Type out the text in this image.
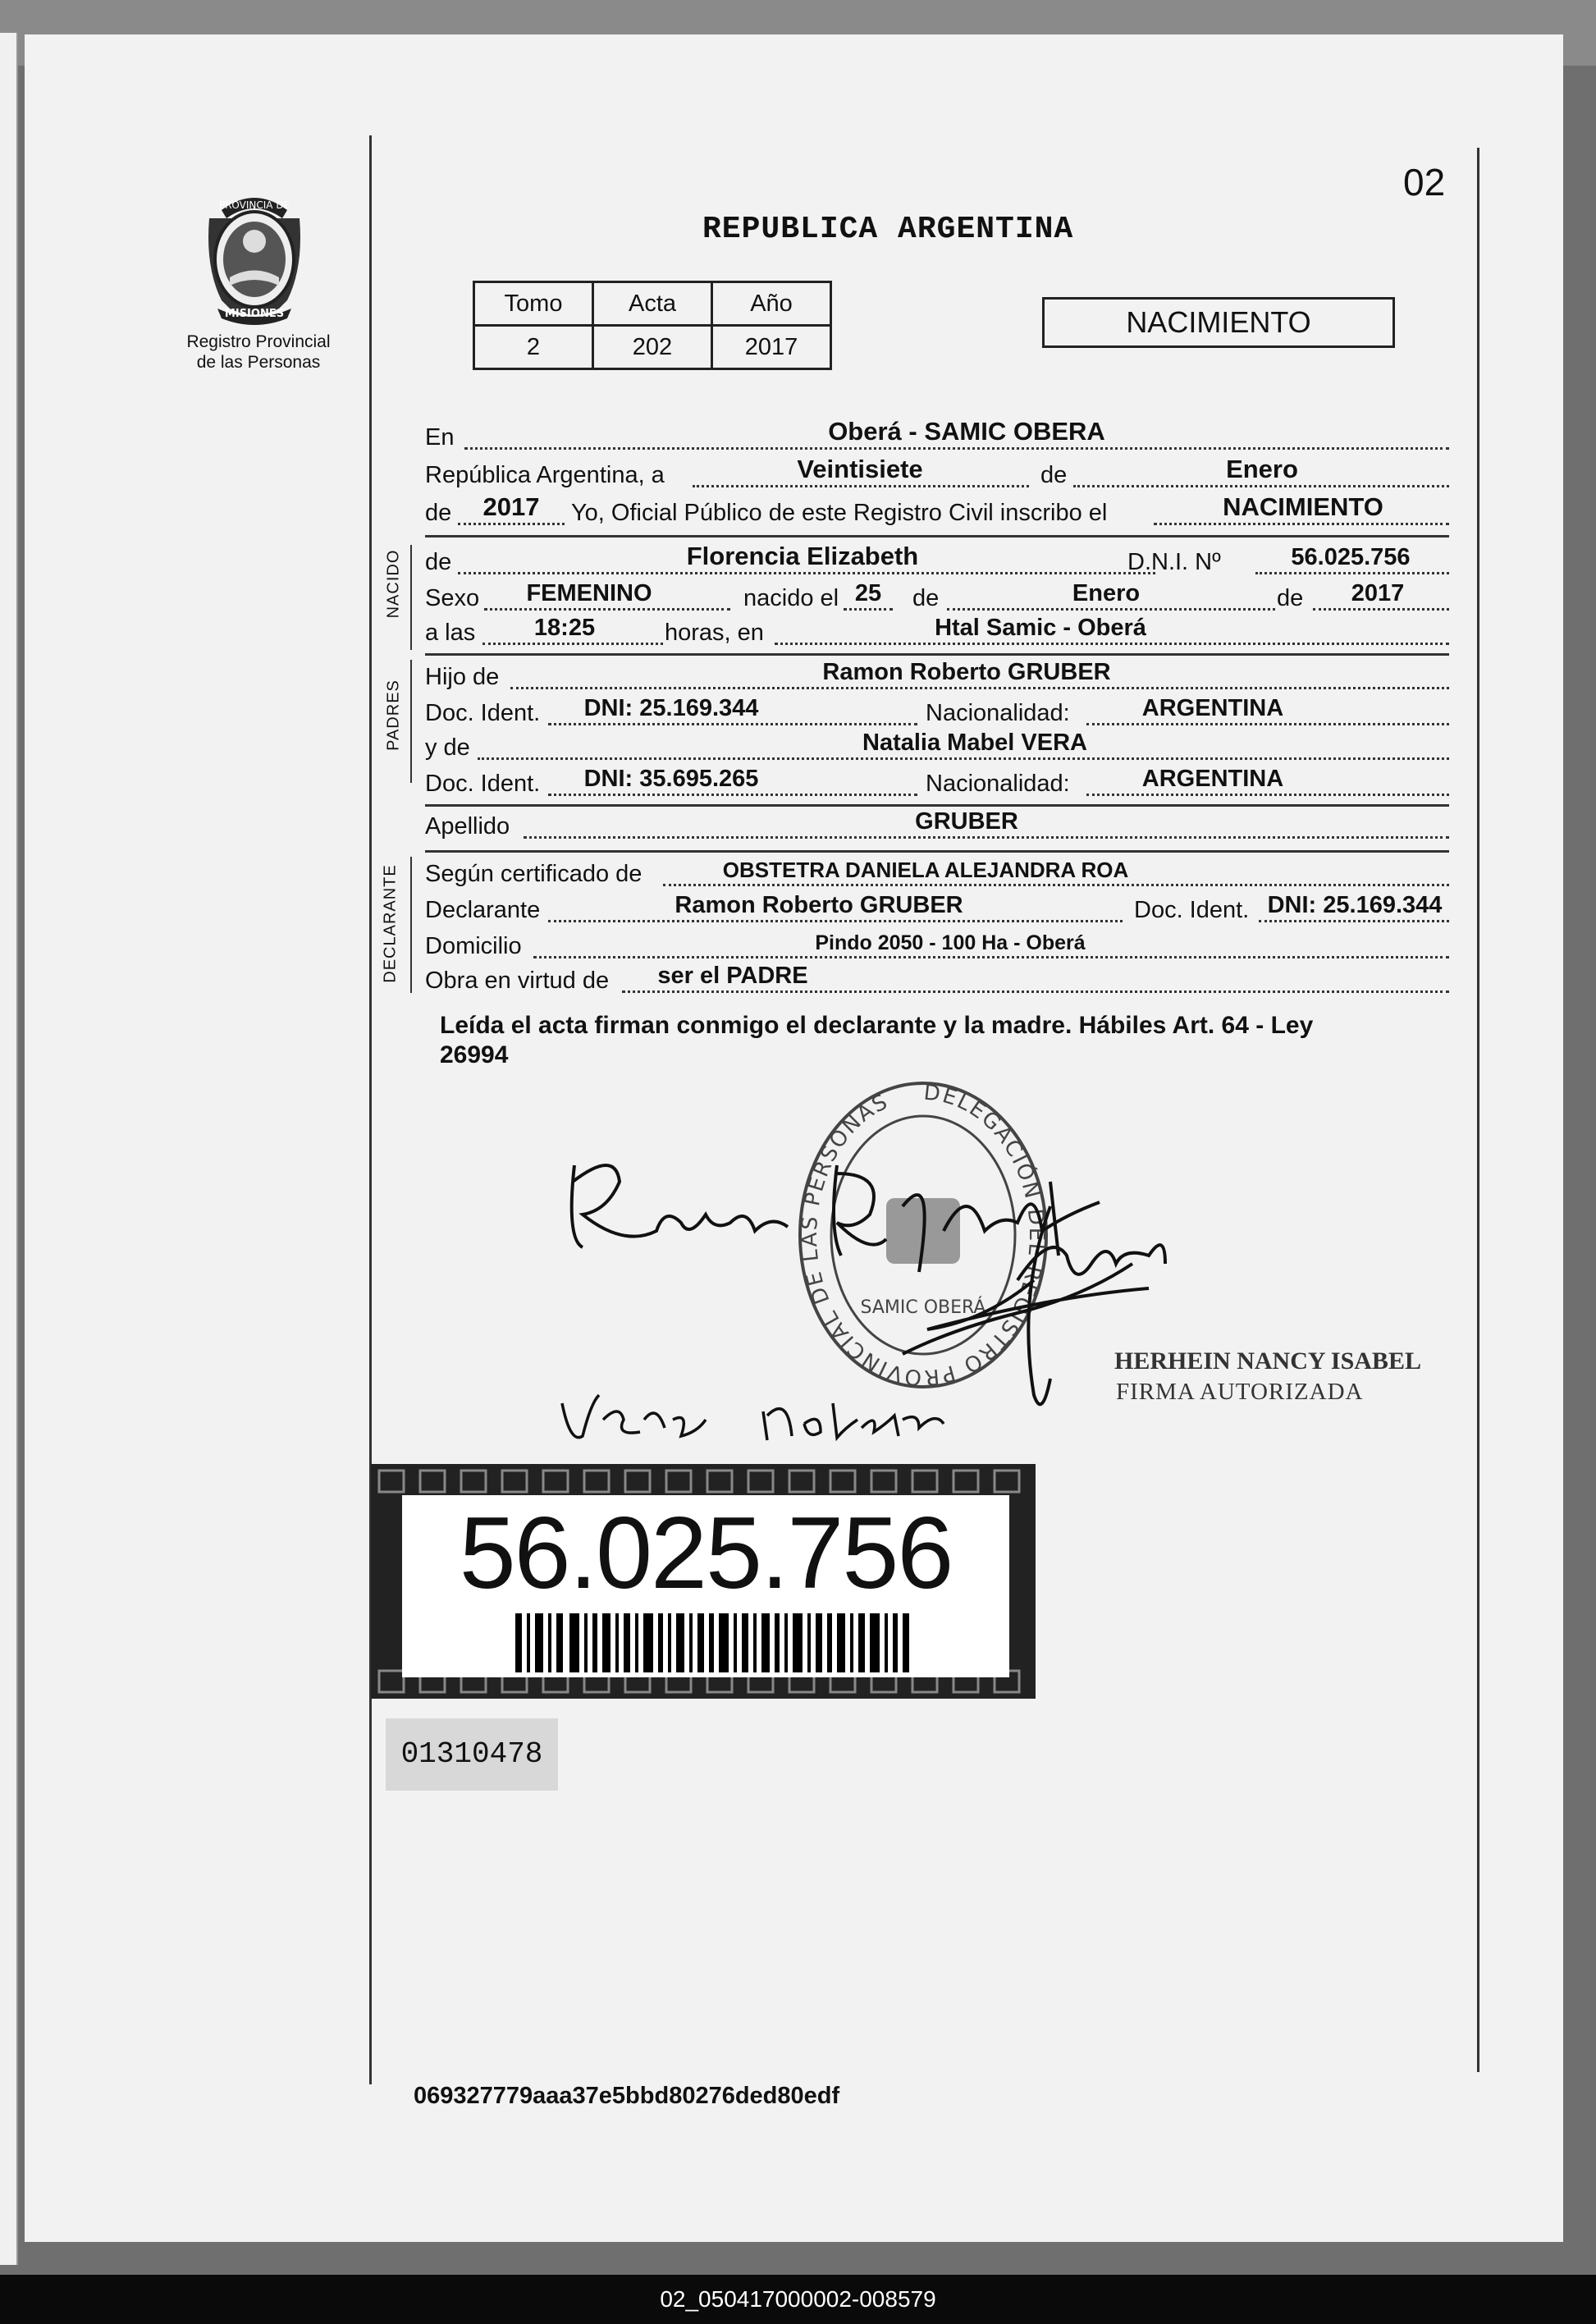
PROVINCIA DE
MISIONES
Registro Provincial
de las Personas
02
REPUBLICA ARGENTINA
Tomo	Acta	Año
2	202	2017
NACIMIENTO
En	Oberá - SAMIC OBERA
República Argentina, a	Veintisiete	de	Enero
de	2017	Yo, Oficial Público de este Registro Civil inscribo el	NACIMIENTO
de	Florencia Elizabeth	D.N.I. Nº	56.025.756
Sexo	FEMENINO	nacido el 25	de	Enero	de	2017
a las	18:25	horas, en	Htal Samic - Oberá
Hijo de	Ramon Roberto GRUBER
Doc. Ident.	DNI: 25.169.344	Nacionalidad:	ARGENTINA
y de	Natalia Mabel VERA
Doc. Ident.	DNI: 35.695.265	Nacionalidad:	ARGENTINA
Apellido	GRUBER
Según certificado de	OBSTETRA DANIELA ALEJANDRA ROA
Declarante	Ramon Roberto GRUBER	Doc. Ident. DNI: 25.169.344
Domicilio	Pindo 2050 - 100 Ha - Oberá
Obra en virtud de	ser el PADRE
NACIDO
PADRES
DECLARANTE
Leída el acta firman conmigo el declarante y la madre. Hábiles Art. 64 - Ley
26994
DELEGACIÓN DEL REGISTRO PROVINCIAL DE LAS PERSONAS
SAMIC OBERÁ
HERHEIN NANCY ISABEL
FIRMA AUTORIZADA
56.025.756
01310478
069327779aaa37e5bbd80276ded80edf
02_050417000002-008579
